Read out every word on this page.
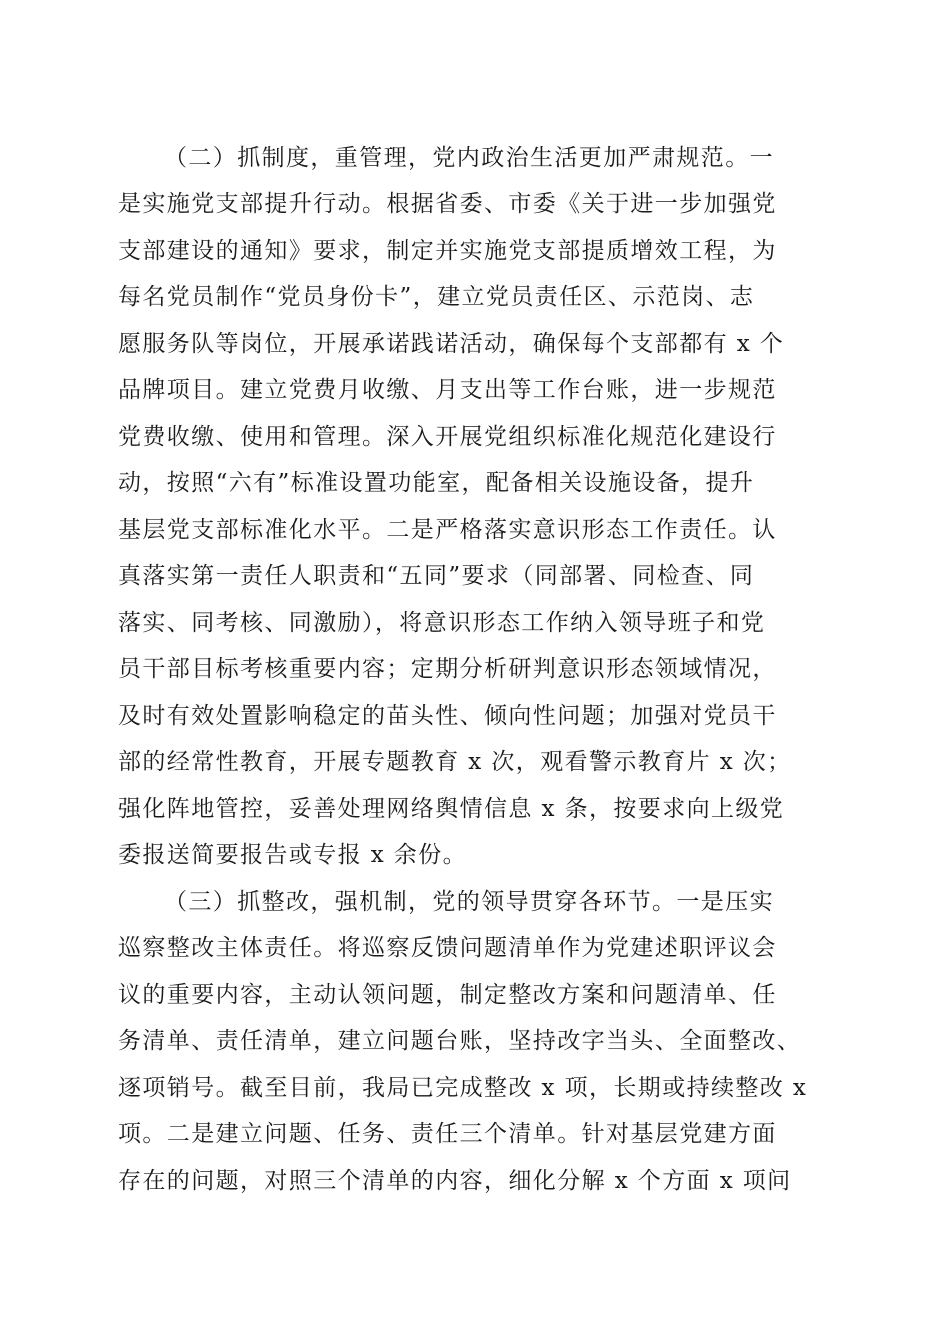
（二）抓制度，重管理，党内政治生活更加严肃规范。一
是实施党支部提升行动。根据省委、市委《关于进一步加强党
支部建设的通知》要求，制定并实施党支部提质增效工程，为
每名党员制作“党员身份卡”，建立党员责任区、示范岗、志
愿服务队等岗位，开展承诺践诺活动，确保每个支部都有 x 个
品牌项目。建立党费月收缴、月支出等工作台账，进一步规范
党费收缴、使用和管理。深入开展党组织标准化规范化建设行
动，按照“六有”标准设置功能室，配备相关设施设备，提升
基层党支部标准化水平。二是严格落实意识形态工作责任。认
真落实第一责任人职责和“五同”要求（同部署、同检查、同
落实、同考核、同激励），将意识形态工作纳入领导班子和党
员干部目标考核重要内容；定期分析研判意识形态领域情况，
及时有效处置影响稳定的苗头性、倾向性问题；加强对党员干
部的经常性教育，开展专题教育 x 次，观看警示教育片 x 次；
强化阵地管控，妥善处理网络舆情信息 x 条，按要求向上级党
委报送简要报告或专报 x 余份。
（三）抓整改，强机制，党的领导贯穿各环节。一是压实
巡察整改主体责任。将巡察反馈问题清单作为党建述职评议会
议的重要内容，主动认领问题，制定整改方案和问题清单、任
务清单、责任清单，建立问题台账，坚持改字当头、全面整改、
逐项销号。截至目前，我局已完成整改 x 项，长期或持续整改 x
项。二是建立问题、任务、责任三个清单。针对基层党建方面
存在的问题，对照三个清单的内容，细化分解 x 个方面 x 项问
